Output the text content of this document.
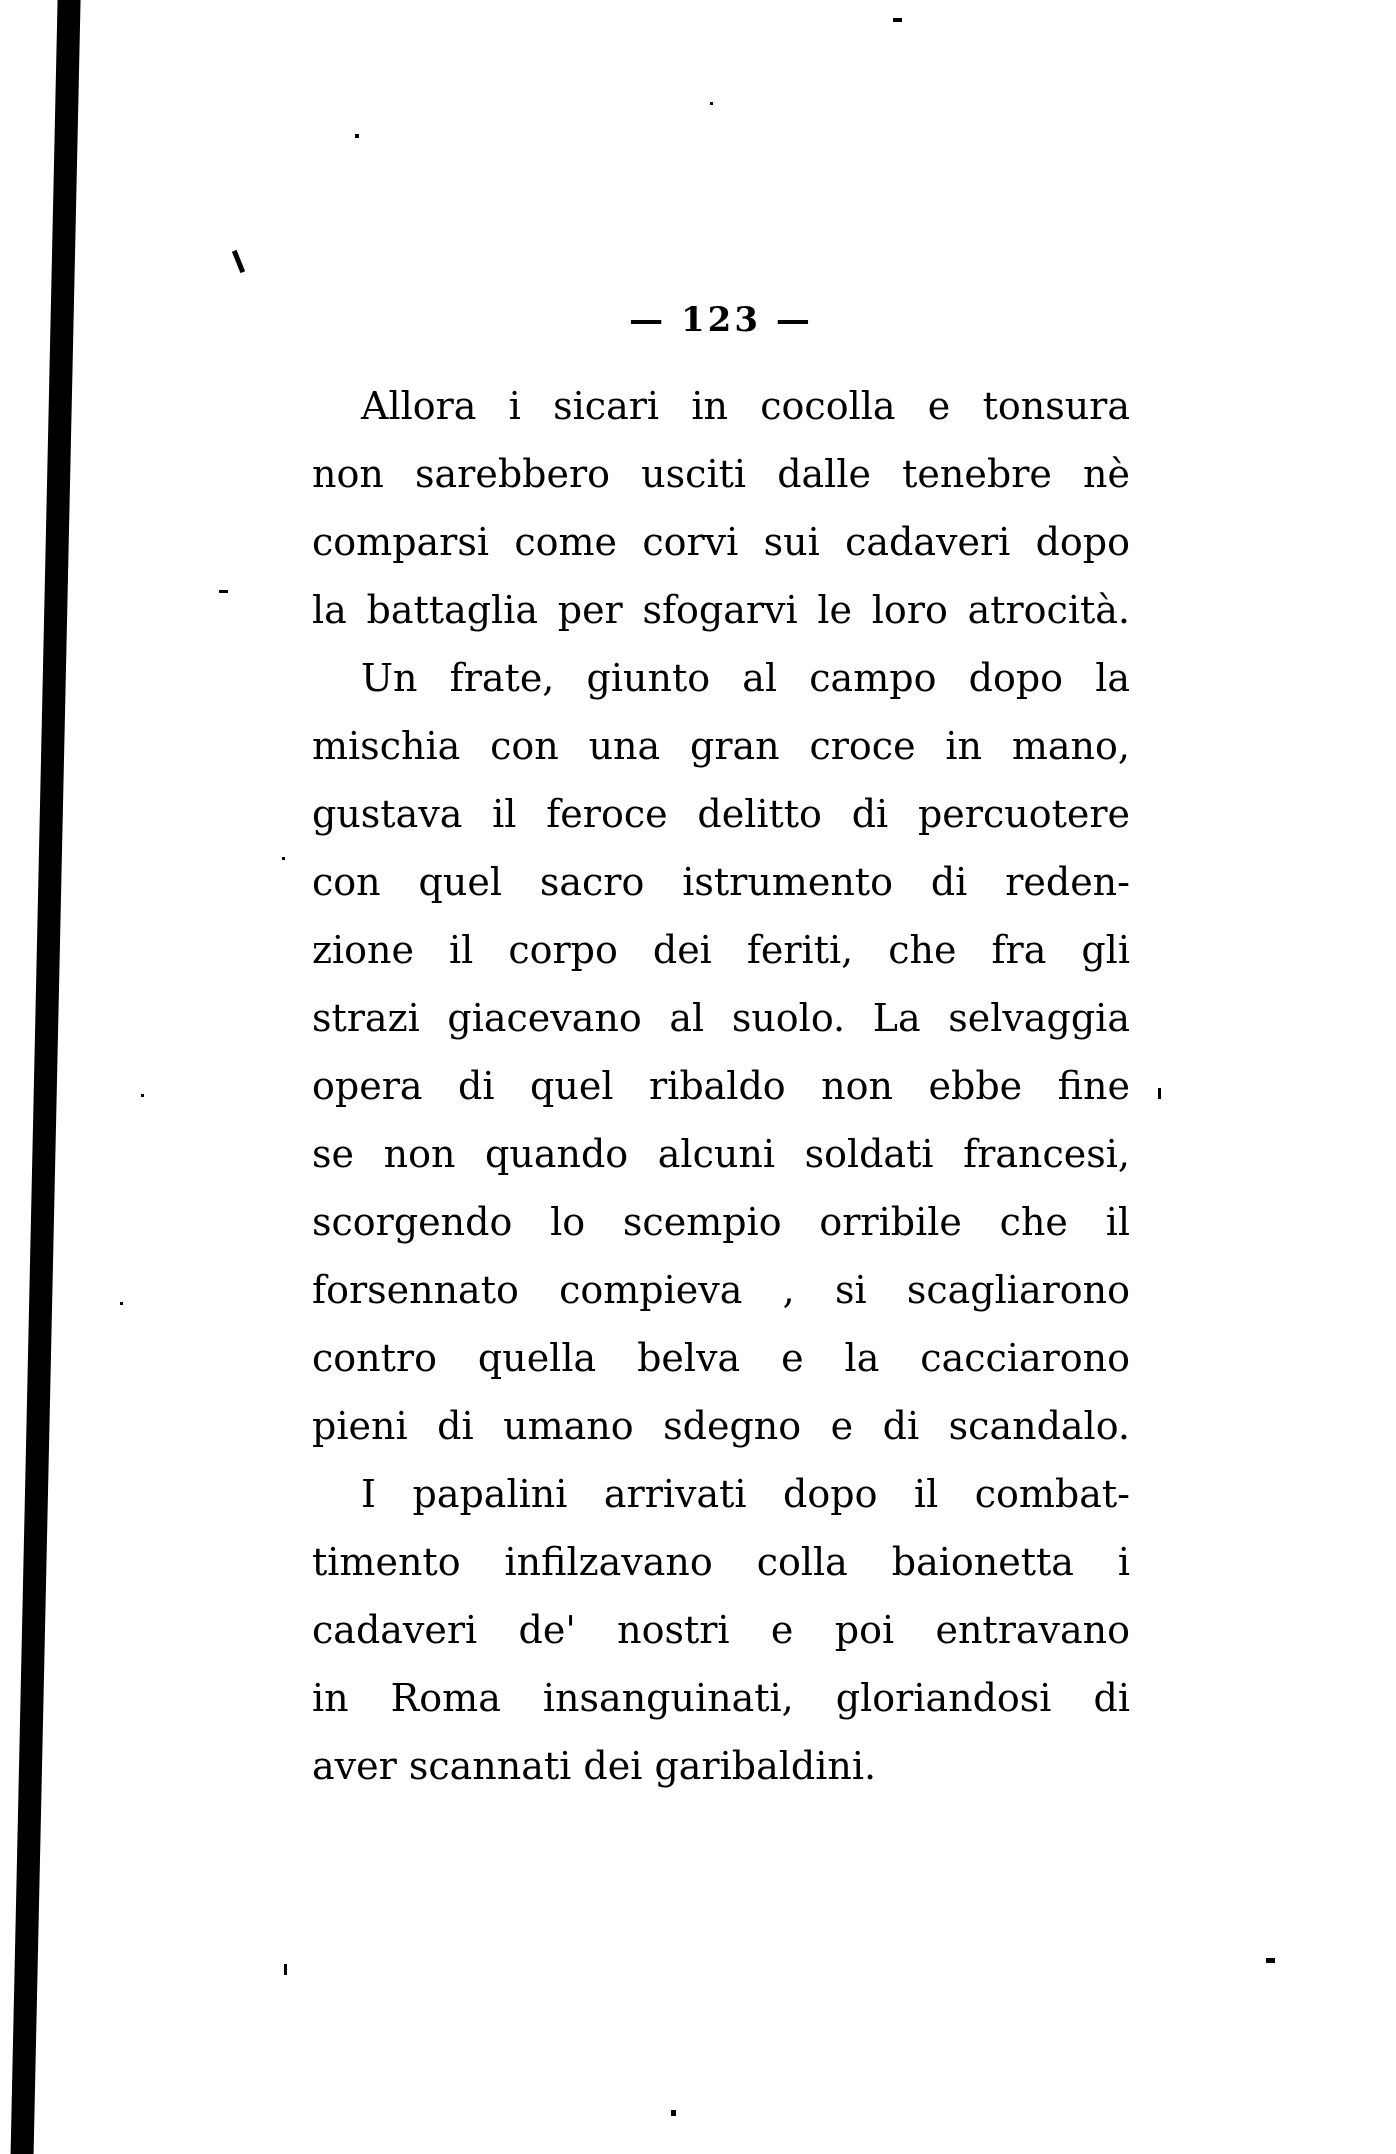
— 123 —
Allora i sicari in cocolla e tonsura
non sarebbero usciti dalle tenebre nè
comparsi come corvi sui cadaveri dopo
la battaglia per sfogarvi le loro atrocità.
Un frate, giunto al campo dopo la
mischia con una gran croce in mano,
gustava il feroce delitto di percuotere
con quel sacro istrumento di reden-
zione il corpo dei feriti, che fra gli
strazi giacevano al suolo. La selvaggia
opera di quel ribaldo non ebbe fine
se non quando alcuni soldati francesi,
scorgendo lo scempio orribile che il
forsennato compieva , si scagliarono
contro quella belva e la cacciarono
pieni di umano sdegno e di scandalo.
I papalini arrivati dopo il combat-
timento infilzavano colla baionetta i
cadaveri de' nostri e poi entravano
in Roma insanguinati, gloriandosi di
aver scannati dei garibaldini.
